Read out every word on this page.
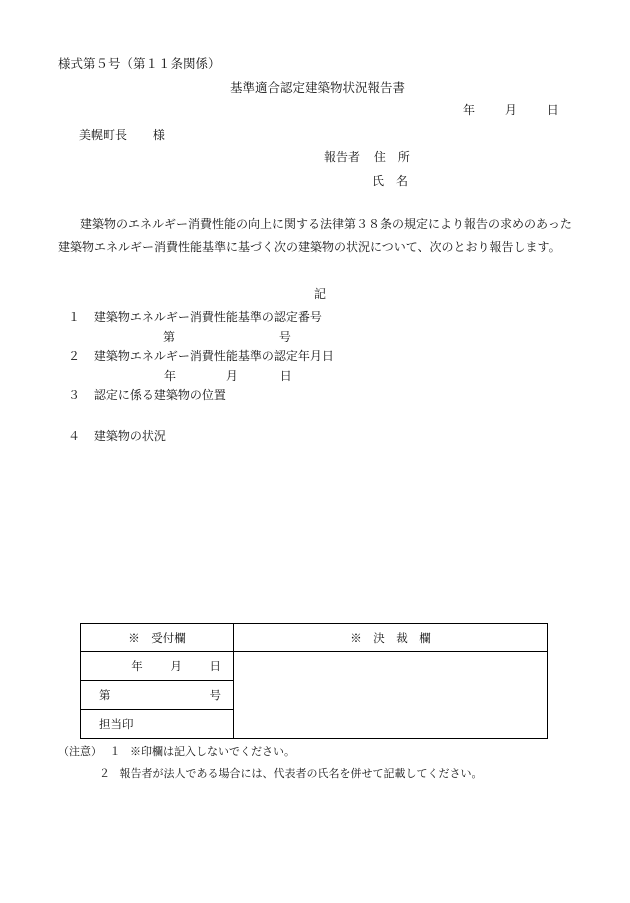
様式第５号（第１１条関係）
基準適合認定建築物状況報告書
年 月 日
美幌町長 様
報告者 住　所
氏　名
建築物のエネルギー消費性能の向上に関する法律第３８条の規定により報告の求めのあった建築物エネルギー消費性能基準に基づく次の建築物の状況について、次のとおり報告します。
記
１ 建築物エネルギー消費性能基準の認定番号
第	号
２ 建築物エネルギー消費性能基準の認定年月日
年	月	日
３ 認定に係る建築物の位置
４ 建築物の状況
※　受付欄	※　決　裁　欄
年 月 日	
第 号	

担当印	
（注意） １ ※印欄は記入しないでください。
２ 報告者が法人である場合には、代表者の氏名を併せて記載してください。
